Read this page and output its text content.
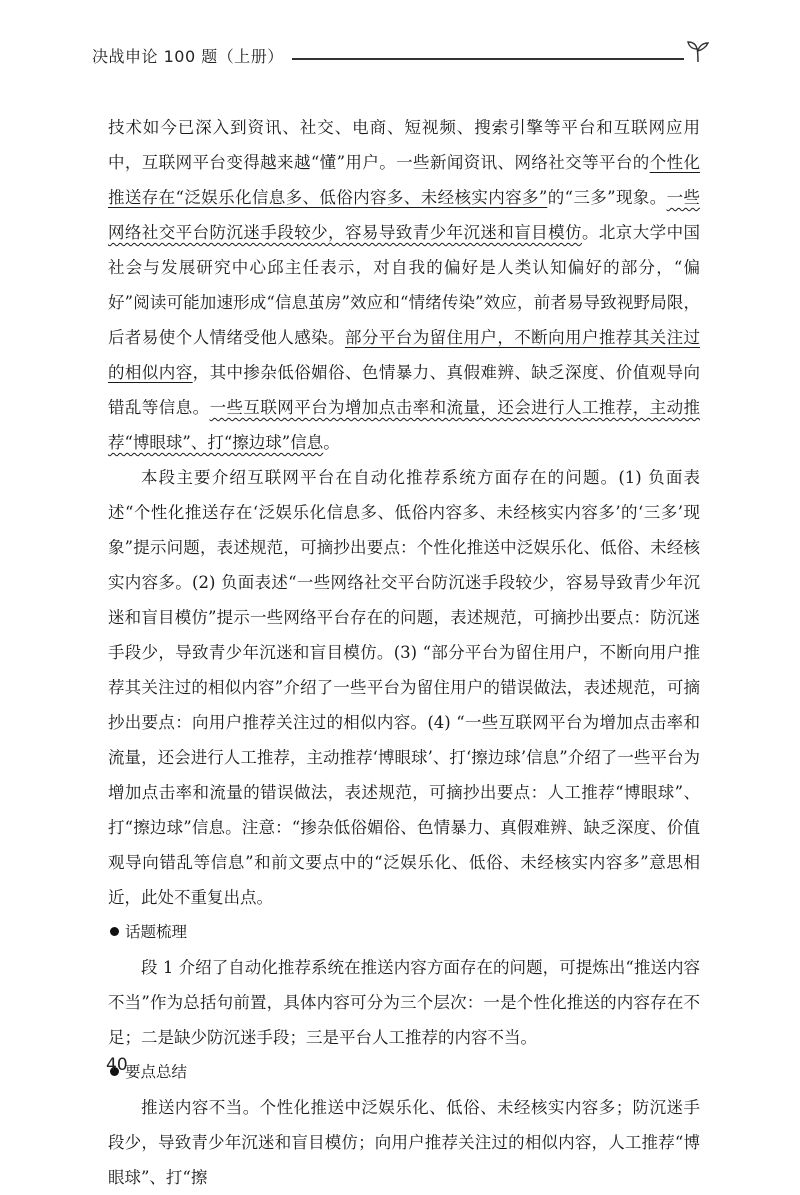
决战申论 100 题（上册）

技术如今已深入到资讯、社交、电商、短视频、搜索引擎等平台和互联网应用中，互联网平台变得越来越“懂”用户。一些新闻资讯、网络社交等平台的个性化推送存在“泛娱乐化信息多、低俗内容多、未经核实内容多”的“三多”现象。一些网络社交平台防沉迷手段较少，容易导致青少年沉迷和盲目模仿。北京大学中国社会与发展研究中心邱主任表示，对自我的偏好是人类认知偏好的部分，“偏好”阅读可能加速形成“信息茧房”效应和“情绪传染”效应，前者易导致视野局限，后者易使个人情绪受他人感染。部分平台为留住用户，不断向用户推荐其关注过的相似内容，其中掺杂低俗媚俗、色情暴力、真假难辨、缺乏深度、价值观导向错乱等信息。一些互联网平台为增加点击率和流量，还会进行人工推荐，主动推荐“博眼球”、打“擦边球”信息。

本段主要介绍互联网平台在自动化推荐系统方面存在的问题。(1) 负面表述“个性化推送存在‘泛娱乐化信息多、低俗内容多、未经核实内容多’的‘三多’现象”提示问题，表述规范，可摘抄出要点：个性化推送中泛娱乐化、低俗、未经核实内容多。(2) 负面表述“一些网络社交平台防沉迷手段较少，容易导致青少年沉迷和盲目模仿”提示一些网络平台存在的问题，表述规范，可摘抄出要点：防沉迷手段少，导致青少年沉迷和盲目模仿。(3) “部分平台为留住用户，不断向用户推荐其关注过的相似内容”介绍了一些平台为留住用户的错误做法，表述规范，可摘抄出要点：向用户推荐关注过的相似内容。(4) “一些互联网平台为增加点击率和流量，还会进行人工推荐，主动推荐‘博眼球’、打‘擦边球’信息”介绍了一些平台为增加点击率和流量的错误做法，表述规范，可摘抄出要点：人工推荐“博眼球”、打“擦边球”信息。注意：“掺杂低俗媚俗、色情暴力、真假难辨、缺乏深度、价值观导向错乱等信息”和前文要点中的“泛娱乐化、低俗、未经核实内容多”意思相近，此处不重复出点。

话题梳理

段 1 介绍了自动化推荐系统在推送内容方面存在的问题，可提炼出“推送内容不当”作为总括句前置，具体内容可分为三个层次：一是个性化推送的内容存在不足；二是缺少防沉迷手段；三是平台人工推荐的内容不当。

要点总结

推送内容不当。个性化推送中泛娱乐化、低俗、未经核实内容多；防沉迷手段少，导致青少年沉迷和盲目模仿；向用户推荐关注过的相似内容，人工推荐“博眼球”、打“擦

40
